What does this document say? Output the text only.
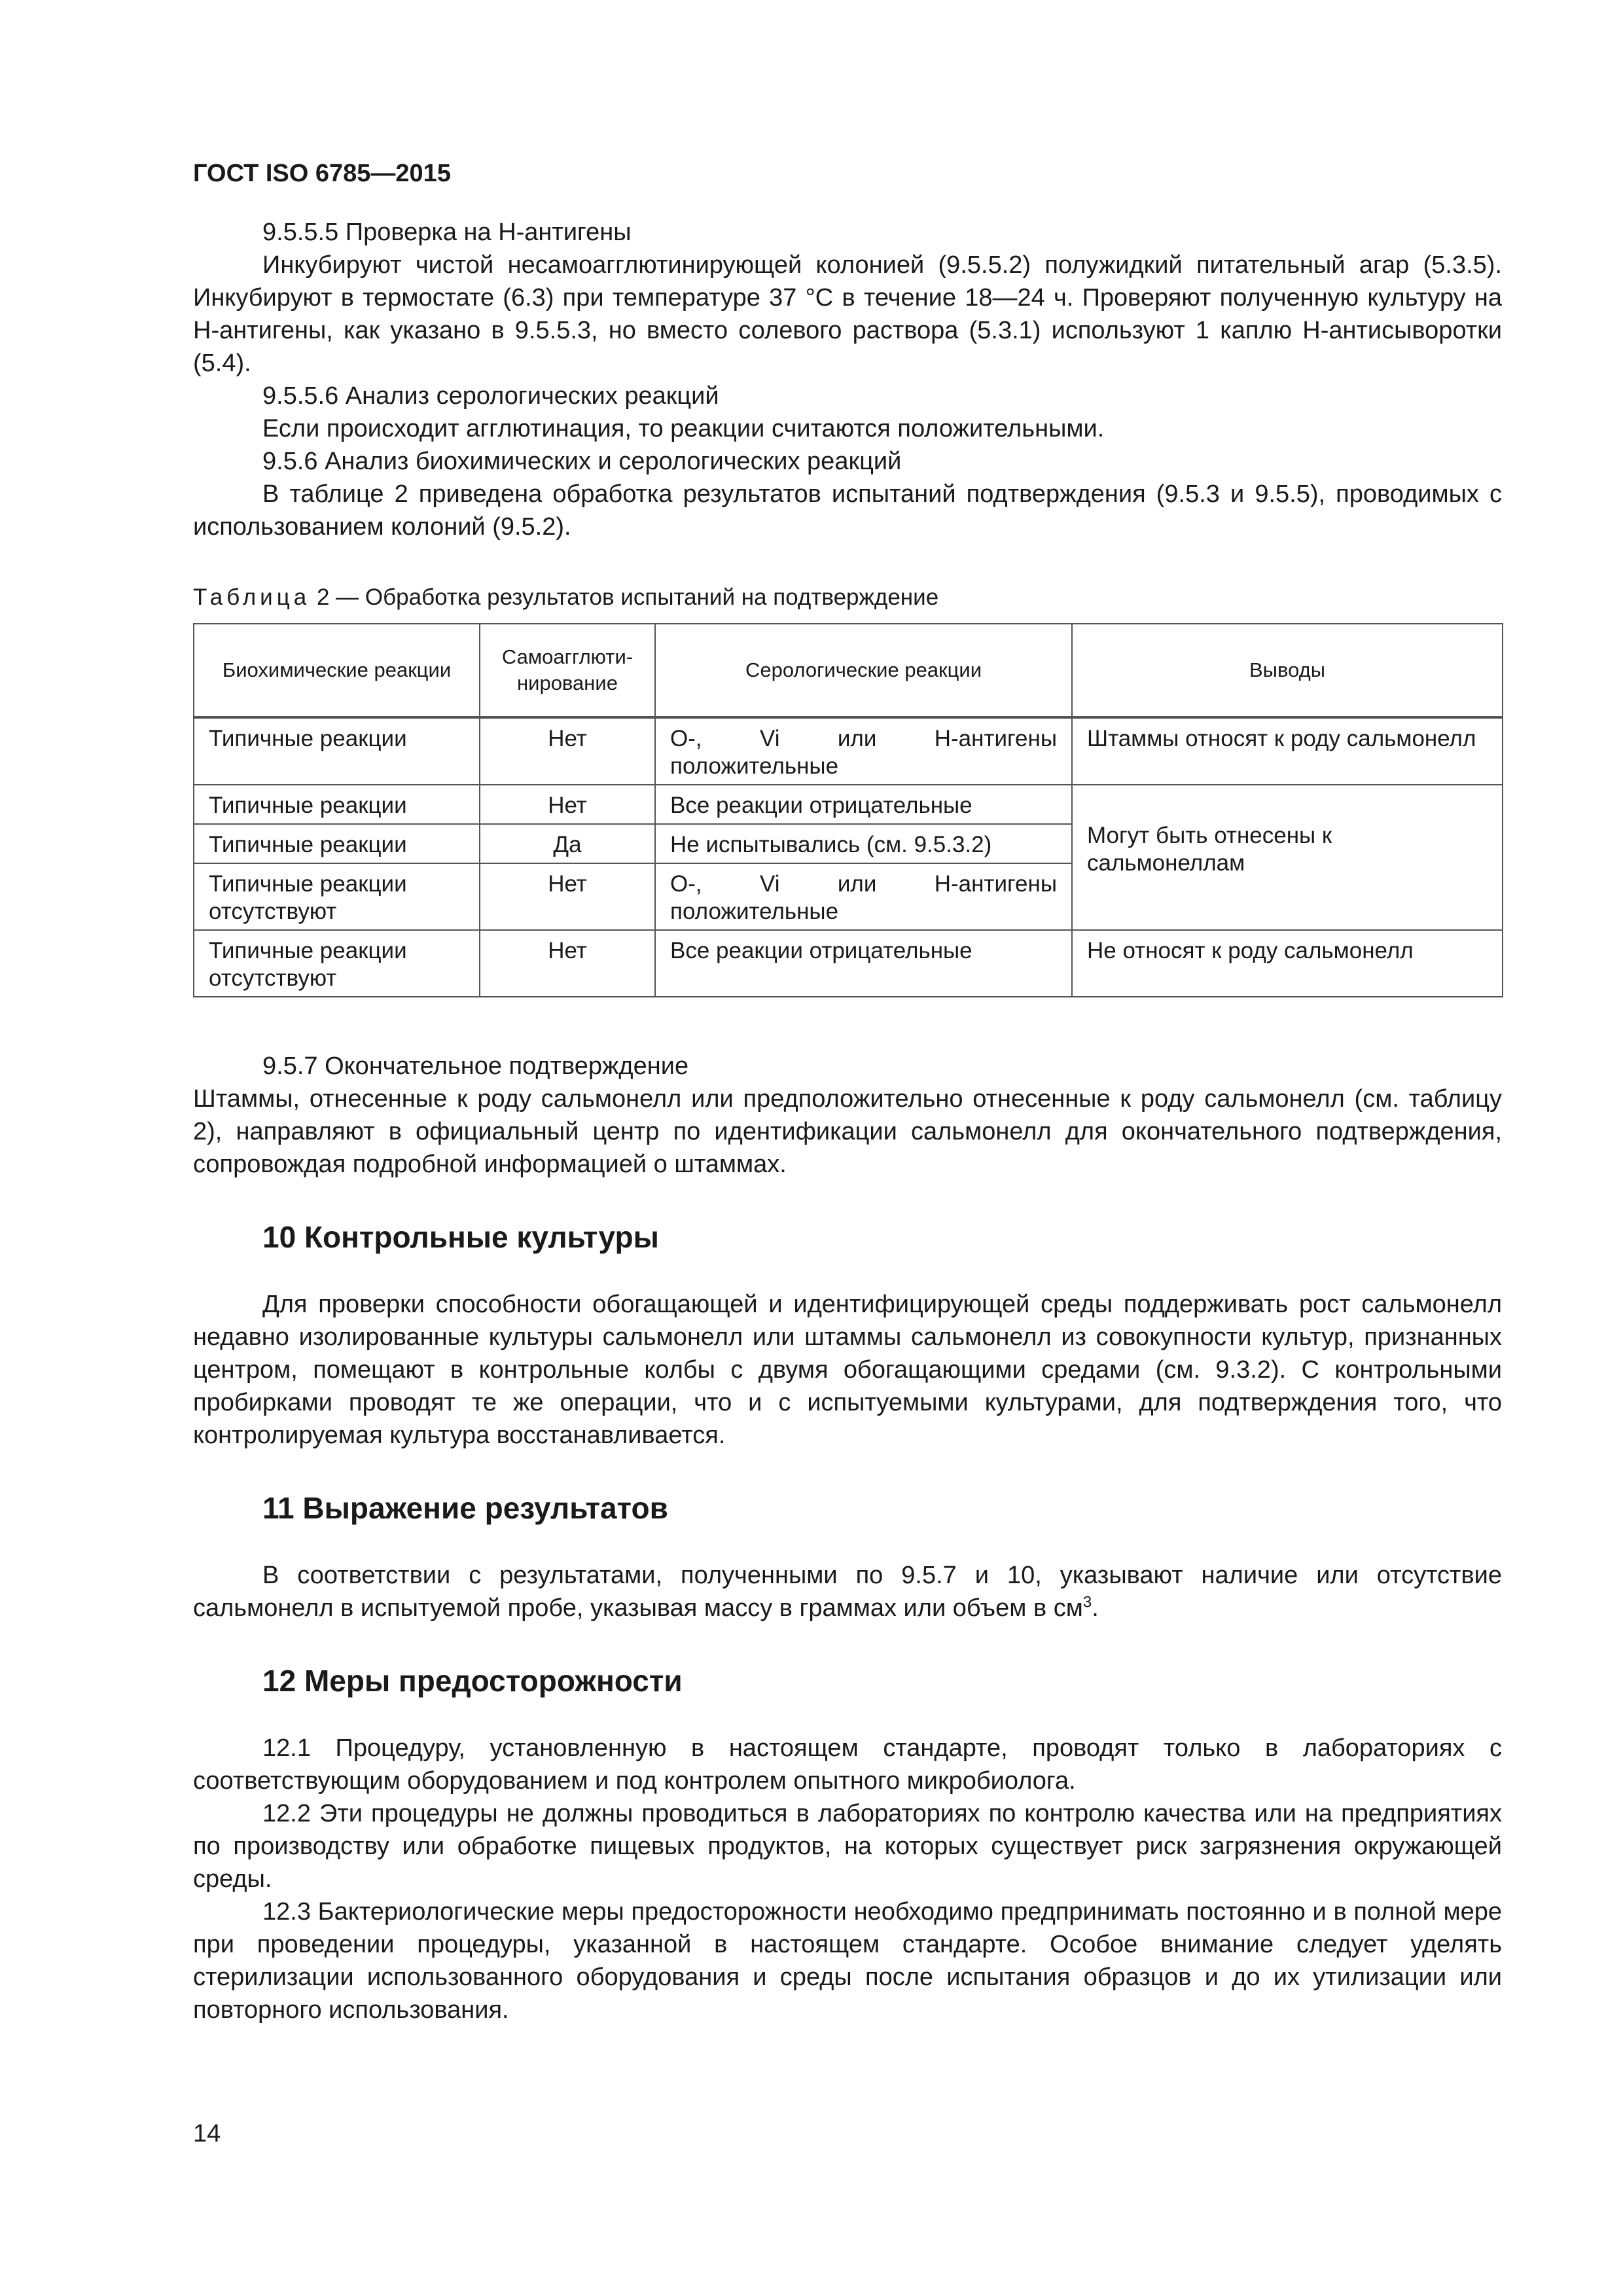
ГОСТ ISO 6785—2015

9.5.5.5 Проверка на Н-антигены

Инкубируют чистой несамоагглютинирующей колонией (9.5.5.2) полужидкий питательный агар (5.3.5). Инкубируют в термостате (6.3) при температуре 37 °С в течение 18—24 ч. Проверяют полученную культуру на Н-антигены, как указано в 9.5.5.3, но вместо солевого раствора (5.3.1) используют 1 каплю Н-антисыворотки (5.4).

9.5.5.6 Анализ серологических реакций

Если происходит агглютинация, то реакции считаются положительными.

9.5.6 Анализ биохимических и серологических реакций

В таблице 2 приведена обработка результатов испытаний подтверждения (9.5.3 и 9.5.5), проводимых с использованием колоний (9.5.2).

Таблица 2 — Обработка результатов испытаний на подтверждение
Биохимические реакции	Самоагглюти-нирование	Серологические реакции	Выводы
Типичные реакции	Нет	О-, Vi или Н-антигены положительные	Штаммы относят к роду сальмонелл
Типичные реакции	Нет	Все реакции отрицательные	Могут быть отнесены к сальмонеллам
Типичные реакции	Да	Не испытывались (см. 9.5.3.2)	
Типичные реакции отсутствуют	Нет	О-, Vi или Н-антигены положительные	
Типичные реакции отсутствуют	Нет	Все реакции отрицательные	Не относят к роду сальмонелл

9.5.7 Окончательное подтверждение

Штаммы, отнесенные к роду сальмонелл или предположительно отнесенные к роду сальмонелл (см. таблицу 2), направляют в официальный центр по идентификации сальмонелл для окончательного подтверждения, сопровождая подробной информацией о штаммах.

10 Контрольные культуры

Для проверки способности обогащающей и идентифицирующей среды поддерживать рост сальмонелл недавно изолированные культуры сальмонелл или штаммы сальмонелл из совокупности культур, признанных центром, помещают в контрольные колбы с двумя обогащающими средами (см. 9.3.2). С контрольными пробирками проводят те же операции, что и с испытуемыми культурами, для подтверждения того, что контролируемая культура восстанавливается.

11 Выражение результатов

В соответствии с результатами, полученными по 9.5.7 и 10, указывают наличие или отсутствие сальмонелл в испытуемой пробе, указывая массу в граммах или объем в $см^3$.

12 Меры предосторожности

12.1 Процедуру, установленную в настоящем стандарте, проводят только в лабораториях с соответствующим оборудованием и под контролем опытного микробиолога.

12.2 Эти процедуры не должны проводиться в лабораториях по контролю качества или на предприятиях по производству или обработке пищевых продуктов, на которых существует риск загрязнения окружающей среды.

12.3 Бактериологические меры предосторожности необходимо предпринимать постоянно и в полной мере при проведении процедуры, указанной в настоящем стандарте. Особое внимание следует уделять стерилизации использованного оборудования и среды после испытания образцов и до их утилизации или повторного использования.

14
